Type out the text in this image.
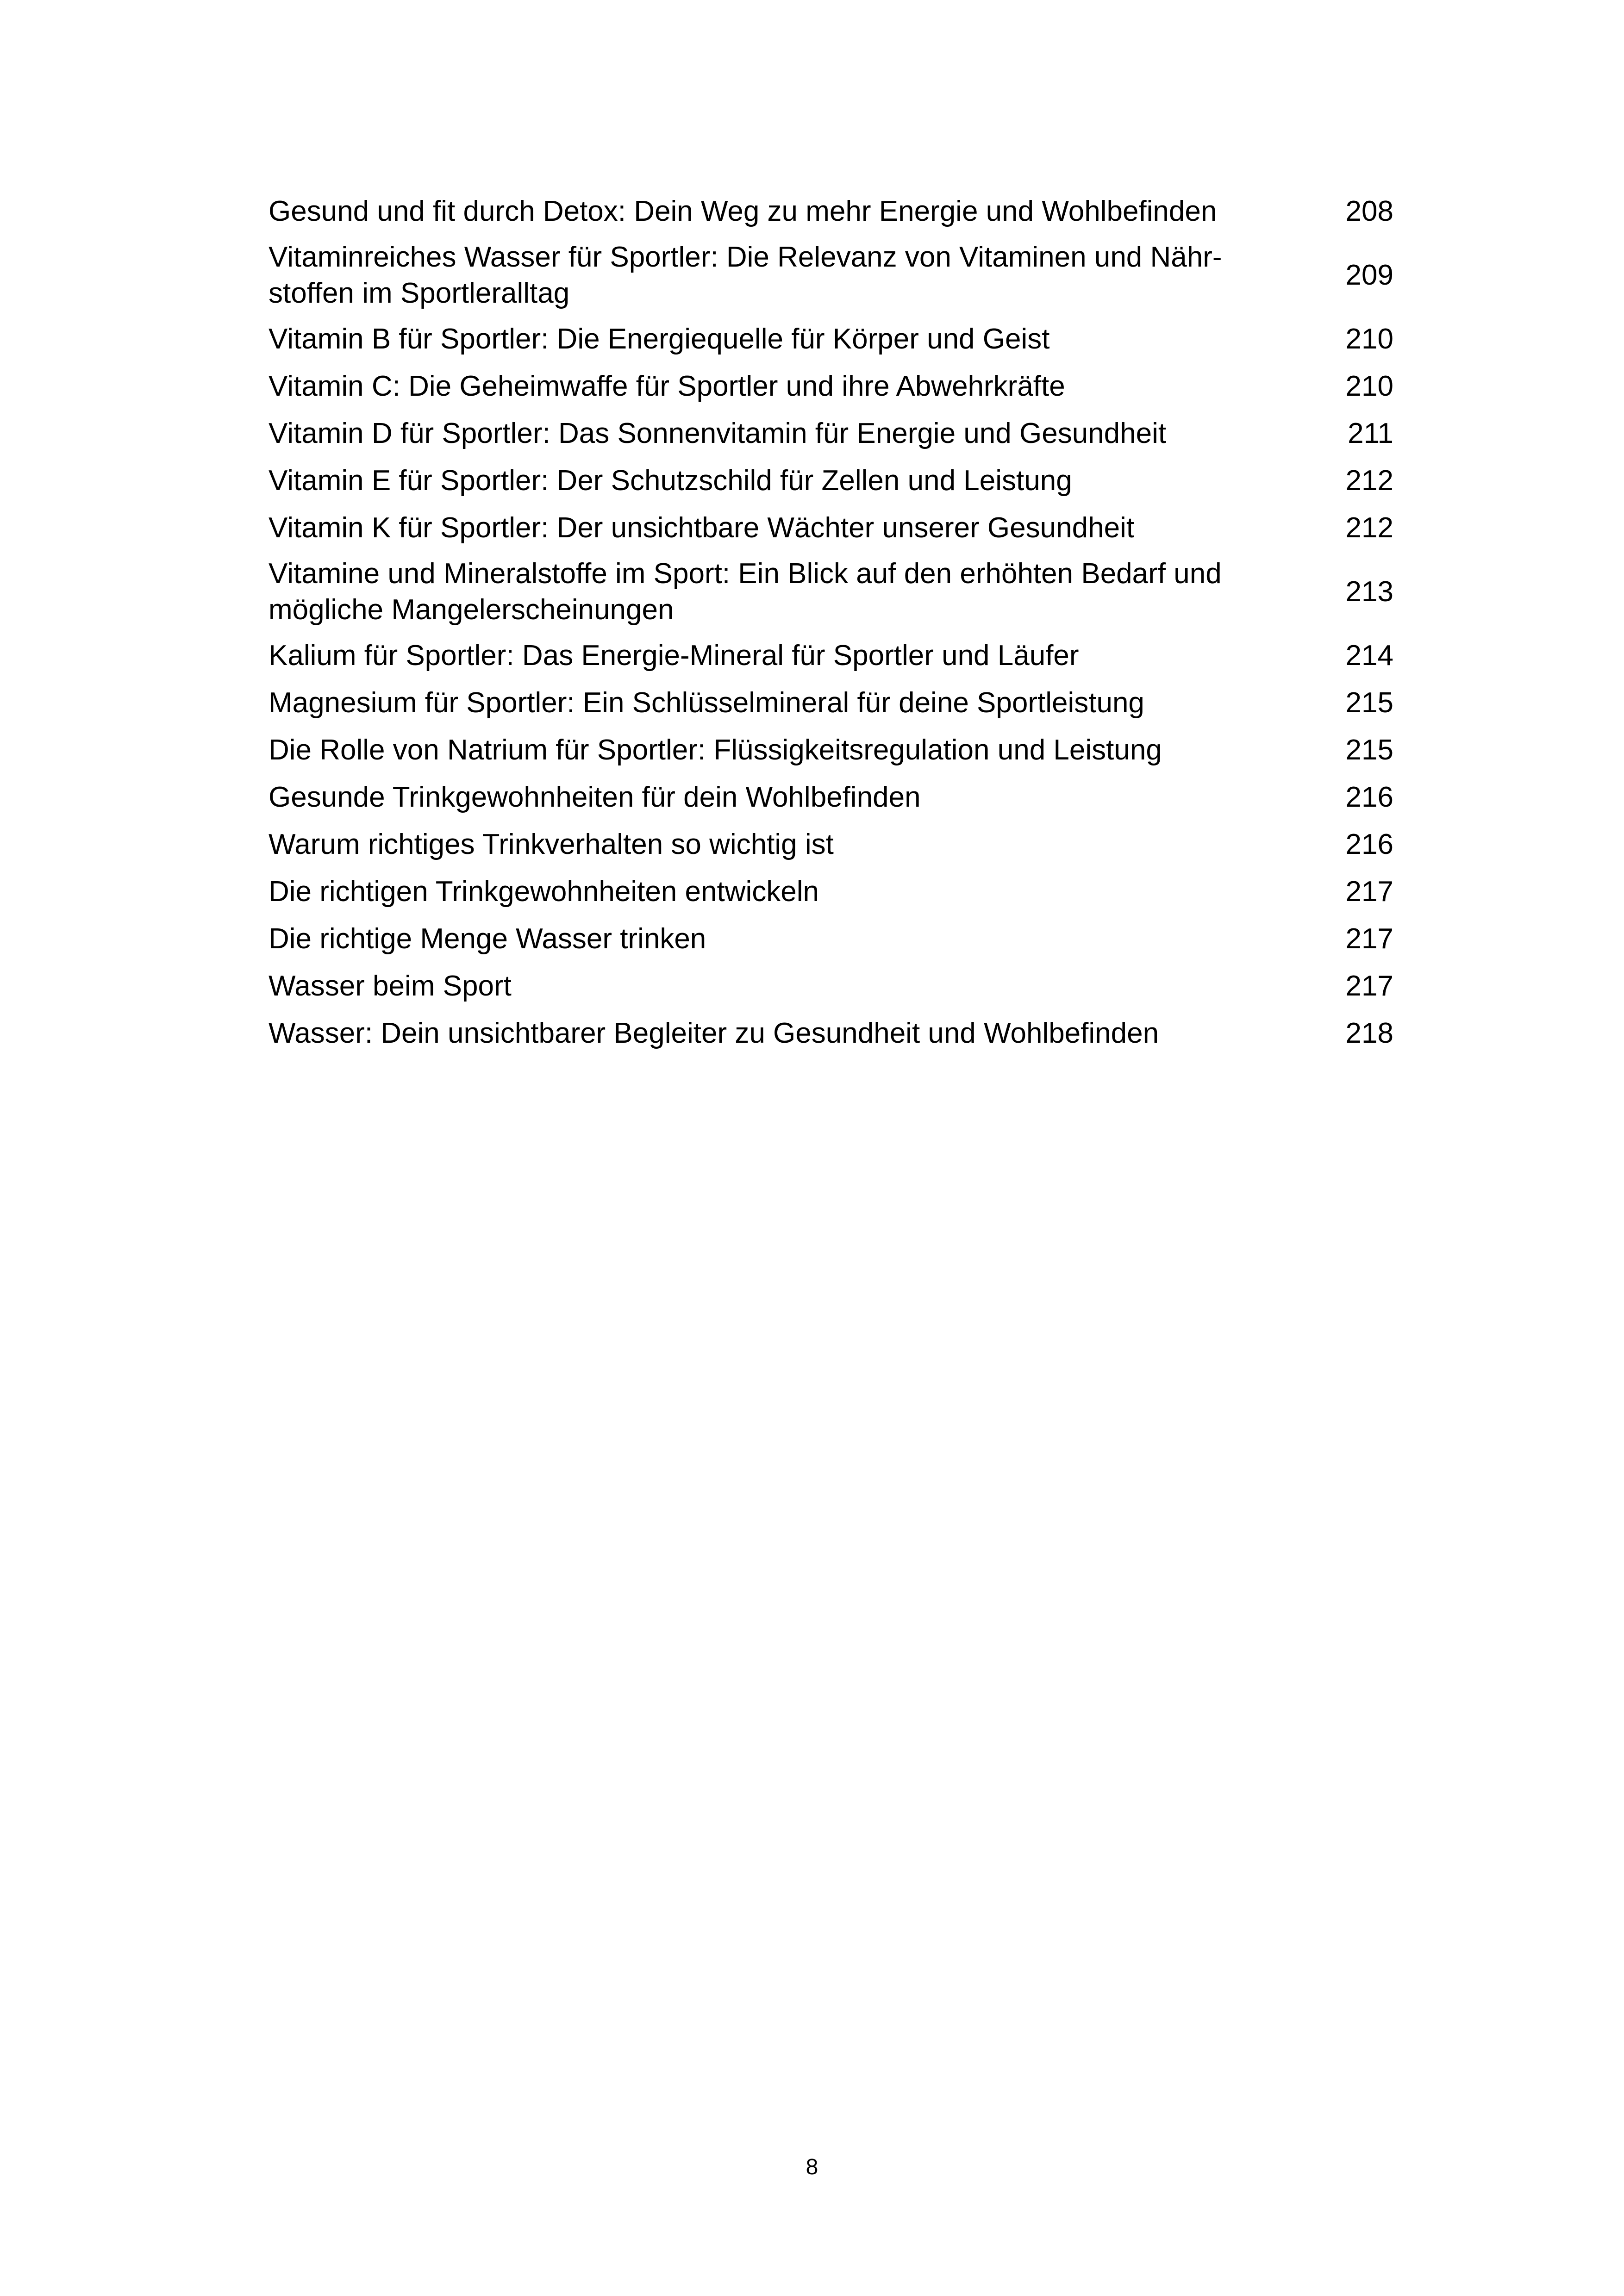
Gesund und fit durch Detox: Dein Weg zu mehr Energie und Wohlbefinden	208
Vitaminreiches Wasser für Sportler: Die Relevanz von Vitaminen und Nähr-
stoffen im Sportleralltag
209
Vitamin B für Sportler: Die Energiequelle für Körper und Geist	210
Vitamin C: Die Geheimwaffe für Sportler und ihre Abwehrkräfte	210
Vitamin D für Sportler: Das Sonnenvitamin für Energie und Gesundheit	211
Vitamin E für Sportler: Der Schutzschild für Zellen und Leistung	212
Vitamin K für Sportler: Der unsichtbare Wächter unserer Gesundheit	212
Vitamine und Mineralstoffe im Sport: Ein Blick auf den erhöhten Bedarf und
mögliche Mangelerscheinungen
213
Kalium für Sportler: Das Energie-Mineral für Sportler und Läufer	214
Magnesium für Sportler: Ein Schlüsselmineral für deine Sportleistung	215
Die Rolle von Natrium für Sportler: Flüssigkeitsregulation und Leistung	215
Gesunde Trinkgewohnheiten für dein Wohlbefinden	216
Warum richtiges Trinkverhalten so wichtig ist	216
Die richtigen Trinkgewohnheiten entwickeln	217
Die richtige Menge Wasser trinken	217
Wasser beim Sport	217
Wasser: Dein unsichtbarer Begleiter zu Gesundheit und Wohlbefinden	218
8
